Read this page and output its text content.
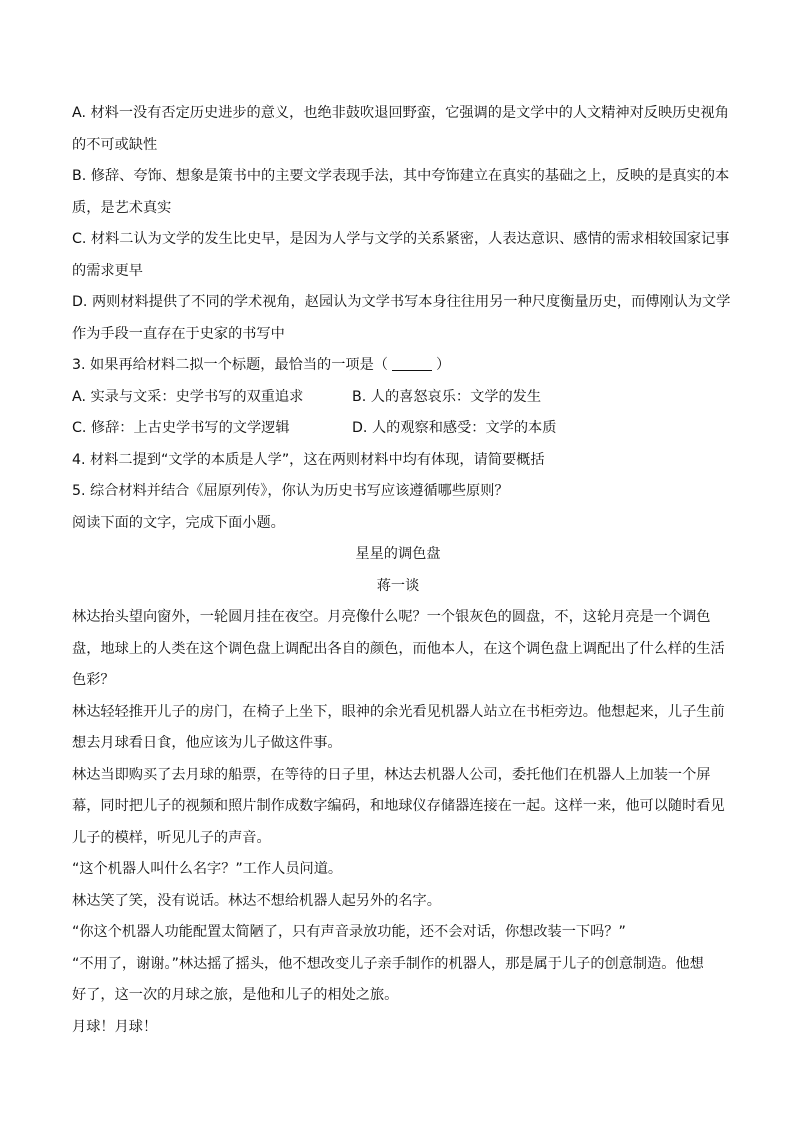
A. 材料一没有否定历史进步的意义，也绝非鼓吹退回野蛮，它强调的是文学中的人文精神对反映历史视角
的不可或缺性
B. 修辞、夸饰、想象是策书中的主要文学表现手法，其中夸饰建立在真实的基础之上，反映的是真实的本
质，是艺术真实
C. 材料二认为文学的发生比史早，是因为人学与文学的关系紧密，人表达意识、感情的需求相较国家记事
的需求更早
D. 两则材料提供了不同的学术视角，赵园认为文学书写本身往往用另一种尺度衡量历史，而傅刚认为文学
作为手段一直存在于史家的书写中
3. 如果再给材料二拟一个标题，最恰当的一项是（	）
A. 实录与文采：史学书写的双重追求	B. 人的喜怒哀乐：文学的发生
C. 修辞：上古史学书写的文学逻辑	D. 人的观察和感受：文学的本质
4. 材料二提到“文学的本质是人学”，这在两则材料中均有体现，请简要概括
5. 综合材料并结合《屈原列传》，你认为历史书写应该遵循哪些原则？
阅读下面的文字，完成下面小题。
星星的调色盘
蒋一谈
林达抬头望向窗外，一轮圆月挂在夜空。月亮像什么呢？一个银灰色的圆盘，不，这轮月亮是一个调色
盘，地球上的人类在这个调色盘上调配出各自的颜色，而他本人，在这个调色盘上调配出了什么样的生活
色彩？
林达轻轻推开儿子的房门，在椅子上坐下，眼神的余光看见机器人站立在书柜旁边。他想起来，儿子生前
想去月球看日食，他应该为儿子做这件事。
林达当即购买了去月球的船票，在等待的日子里，林达去机器人公司，委托他们在机器人上加装一个屏
幕，同时把儿子的视频和照片制作成数字编码，和地球仪存储器连接在一起。这样一来，他可以随时看见
儿子的模样，听见儿子的声音。
“这个机器人叫什么名字？”工作人员问道。
林达笑了笑，没有说话。林达不想给机器人起另外的名字。
“你这个机器人功能配置太简陋了，只有声音录放功能，还不会对话，你想改装一下吗？”
“不用了，谢谢。”林达摇了摇头，他不想改变儿子亲手制作的机器人，那是属于儿子的创意制造。他想
好了，这一次的月球之旅，是他和儿子的相处之旅。
月球！月球！
